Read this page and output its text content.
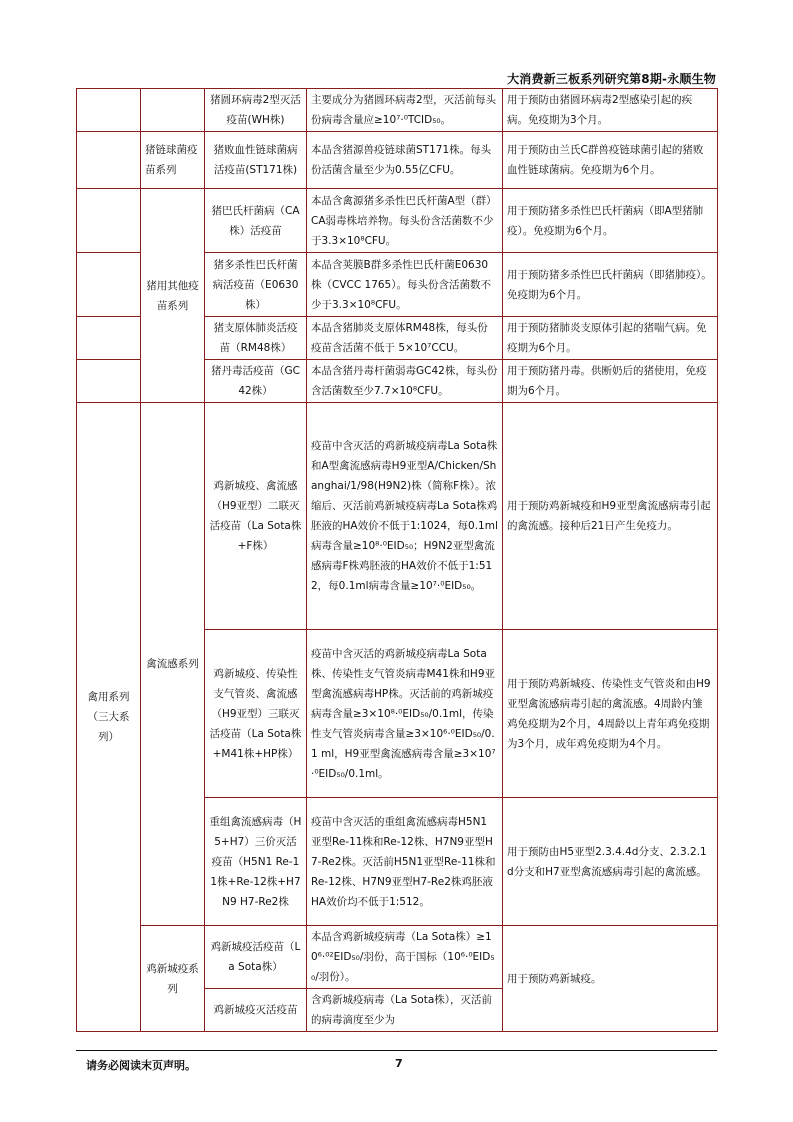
大消费新三板系列研究第8期-永顺生物
		猪圆环病毒2型灭活疫苗(WH株)	主要成分为猪圆环病毒2型，灭活前每头份病毒含量应≥10⁷·⁰TCID₅₀。	用于预防由猪圆环病毒2型感染引起的疾病。免疫期为3个月。
	猪链球菌疫苗系列	猪败血性链球菌病活疫苗(ST171株)	本品含猪源兽疫链球菌ST171株。每头份活菌含量至少为0.55亿CFU。	用于预防由兰氏C群兽疫链球菌引起的猪败血性链球菌病。免疫期为6个月。
	猪用其他疫苗系列	猪巴氏杆菌病（CA株）活疫苗	本品含禽源猪多杀性巴氏杆菌A型（群）CA弱毒株培养物。每头份含活菌数不少于3.3×10⁸CFU。	用于预防猪多杀性巴氏杆菌病（即A型猪肺疫）。免疫期为6个月。
		猪多杀性巴氏杆菌病活疫苗（E0630株）	本品含荚膜B群多杀性巴氏杆菌E0630株（CVCC 1765）。每头份含活菌数不少于3.3×10⁸CFU。	用于预防猪多杀性巴氏杆菌病（即猪肺疫）。免疫期为6个月。
		猪支原体肺炎活疫苗（RM48株）	本品含猪肺炎支原体RM48株，每头份疫苗含活菌不低于 5×10⁷CCU。	用于预防猪肺炎支原体引起的猪喘气病。免疫期为6个月。
		猪丹毒活疫苗（GC42株）	本品含猪丹毒杆菌弱毒GC42株，每头份含活菌数至少7.7×10⁸CFU。	用于预防猪丹毒。供断奶后的猪使用，免疫期为6个月。
禽用系列（三大系列）	禽流感系列	鸡新城疫、禽流感（H9亚型）二联灭活疫苗（La Sota株+F株）	疫苗中含灭活的鸡新城疫病毒La Sota株和A型禽流感病毒H9亚型A/Chicken/Shanghai/1/98(H9N2)株（简称F株）。浓缩后、灭活前鸡新城疫病毒La Sota株鸡胚液的HA效价不低于1:1024，每0.1ml病毒含量≥10⁸·⁰EID₅₀；H9N2亚型禽流感病毒F株鸡胚液的HA效价不低于1:512，每0.1ml病毒含量≥10⁷·⁰EID₅₀。	用于预防鸡新城疫和H9亚型禽流感病毒引起的禽流感。接种后21日产生免疫力。
		鸡新城疫、传染性支气管炎、禽流感（H9亚型）三联灭活疫苗（La Sota株+M41株+HP株）	疫苗中含灭活的鸡新城疫病毒La Sota株、传染性支气管炎病毒M41株和H9亚型禽流感病毒HP株。灭活前的鸡新城疫病毒含量≥3×10⁸·⁰EID₅₀/0.1ml，传染性支气管炎病毒含量≥3×10⁶·⁰EID₅₀/0.1 ml，H9亚型禽流感病毒含量≥3×10⁷·⁰EID₅₀/0.1ml。	用于预防鸡新城疫、传染性支气管炎和由H9亚型禽流感病毒引起的禽流感。4周龄内雏鸡免疫期为2个月，4周龄以上青年鸡免疫期为3个月，成年鸡免疫期为4个月。
		重组禽流感病毒（H5+H7）三价灭活疫苗（H5N1 Re-11株+Re-12株+H7N9 H7-Re2株	疫苗中含灭活的重组禽流感病毒H5N1 亚型Re-11株和Re-12株、H7N9亚型H7-Re2株。灭活前H5N1亚型Re-11株和Re-12株、H7N9亚型H7-Re2株鸡胚液HA效价均不低于1:512。	用于预防由H5亚型2.3.4.4d分支、2.3.2.1d分支和H7亚型禽流感病毒引起的禽流感。
	鸡新城疫系列	鸡新城疫活疫苗（La Sota株）	本品含鸡新城疫病毒（La Sota株）≥10⁶·⁰²EID₅₀/羽份，高于国标（10⁶·⁰EID₅₀/羽份）。	用于预防鸡新城疫。
		鸡新城疫灭活疫苗	含鸡新城疫病毒（La Sota株），灭活前的病毒滴度至少为	
请务必阅读末页声明。	7
